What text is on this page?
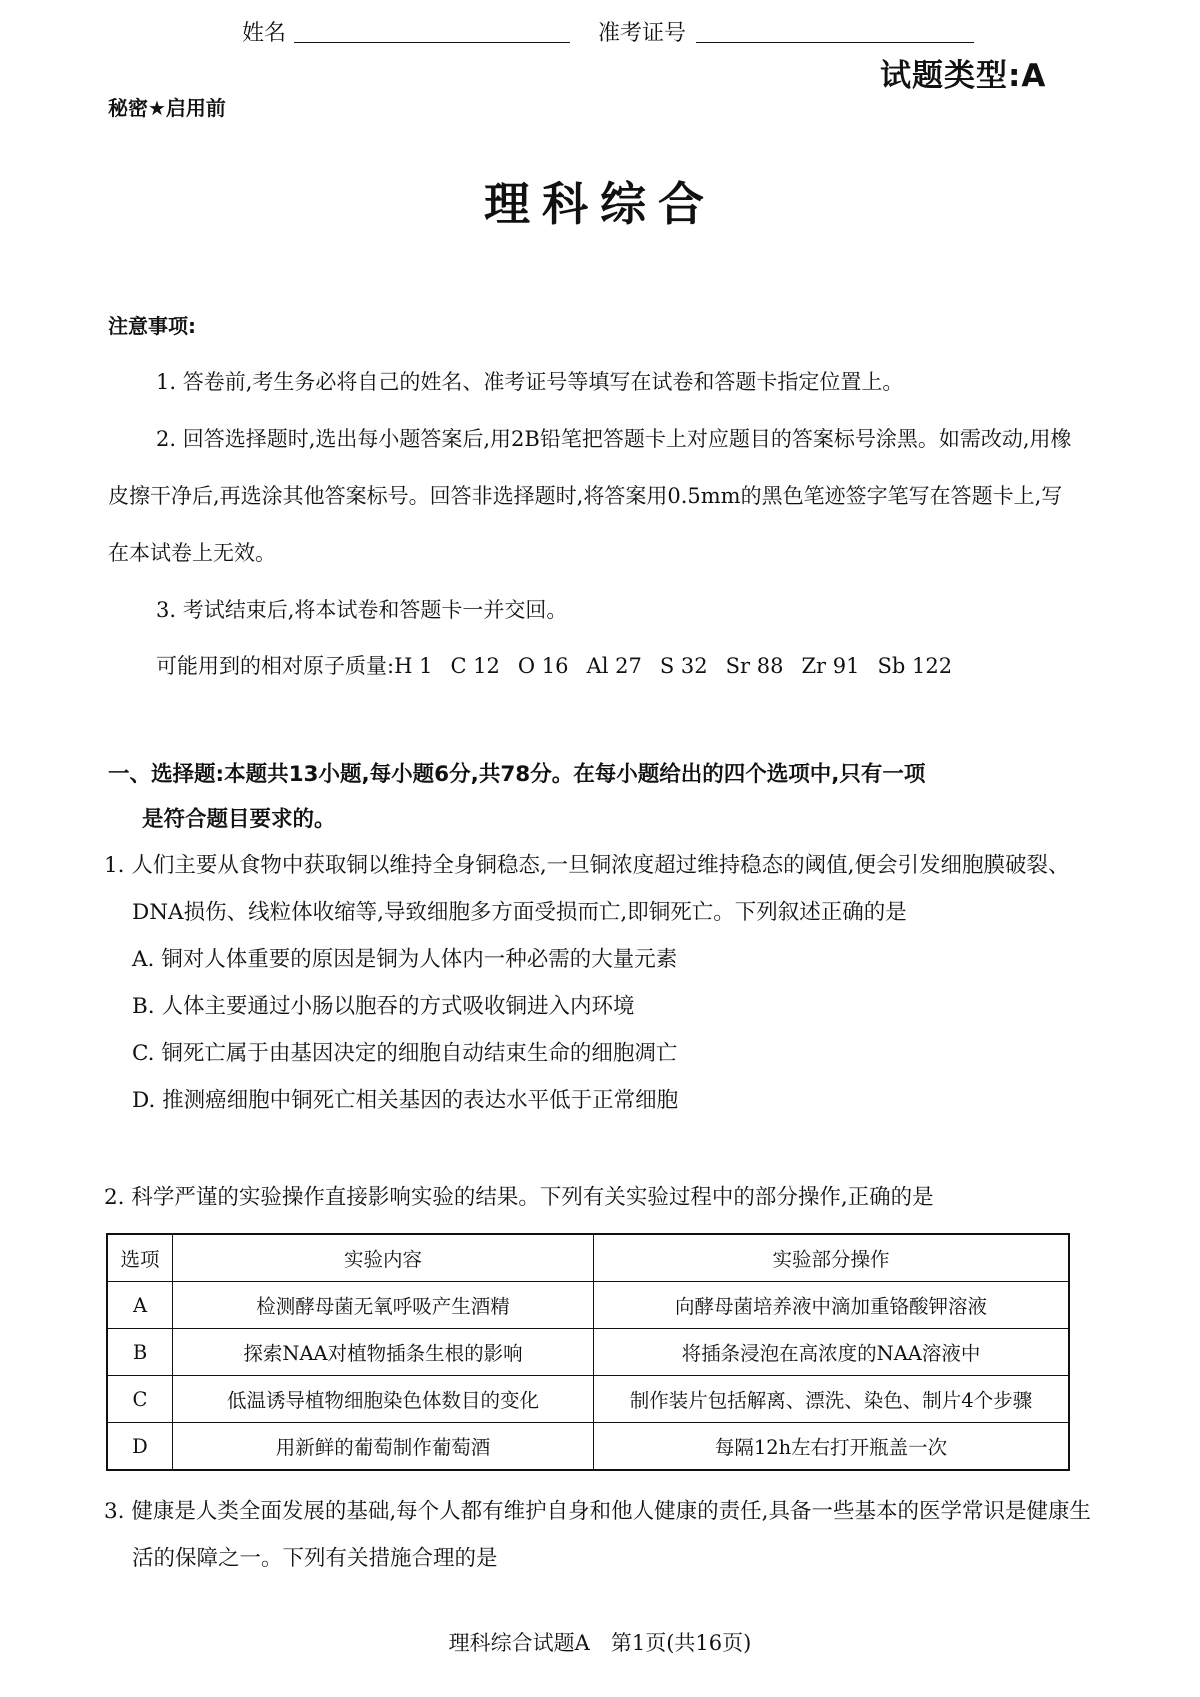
姓名	准考证号
试题类型:A
秘密★启用前
理科综合
注意事项:
1. 答卷前,考生务必将自己的姓名、准考证号等填写在试卷和答题卡指定位置上。
2. 回答选择题时,选出每小题答案后,用2B铅笔把答题卡上对应题目的答案标号涂黑。如需改动,用橡皮擦干净后,再选涂其他答案标号。回答非选择题时,将答案用0.5mm的黑色笔迹签字笔写在答题卡上,写在本试卷上无效。
3. 考试结束后,将本试卷和答题卡一并交回。
可能用到的相对原子质量:H 1 C 12 O 16 Al 27 S 32 Sr 88 Zr 91 Sb 122
一、选择题:本题共13小题,每小题6分,共78分。在每小题给出的四个选项中,只有一项
是符合题目要求的。
1. 人们主要从食物中获取铜以维持全身铜稳态,一旦铜浓度超过维持稳态的阈值,便会引发细胞膜破裂、DNA损伤、线粒体收缩等,导致细胞多方面受损而亡,即铜死亡。下列叙述正确的是
A. 铜对人体重要的原因是铜为人体内一种必需的大量元素
B. 人体主要通过小肠以胞吞的方式吸收铜进入内环境
C. 铜死亡属于由基因决定的细胞自动结束生命的细胞凋亡
D. 推测癌细胞中铜死亡相关基因的表达水平低于正常细胞
2. 科学严谨的实验操作直接影响实验的结果。下列有关实验过程中的部分操作,正确的是
选项	实验内容	实验部分操作
A	检测酵母菌无氧呼吸产生酒精	向酵母菌培养液中滴加重铬酸钾溶液
B	探索NAA对植物插条生根的影响	将插条浸泡在高浓度的NAA溶液中
C	低温诱导植物细胞染色体数目的变化	制作装片包括解离、漂洗、染色、制片4个步骤
D	用新鲜的葡萄制作葡萄酒	每隔12h左右打开瓶盖一次
3. 健康是人类全面发展的基础,每个人都有维护自身和他人健康的责任,具备一些基本的医学常识是健康生活的保障之一。下列有关措施合理的是
理科综合试题A　第1页(共16页)
